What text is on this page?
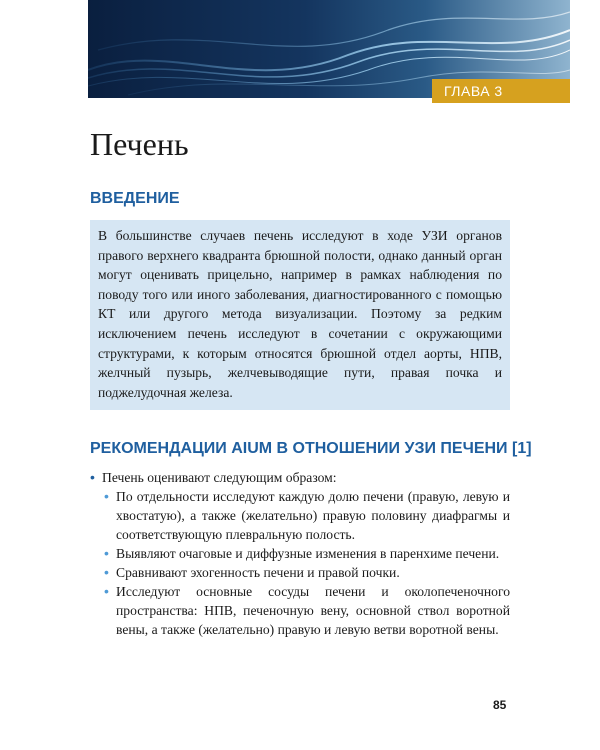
ГЛАВА 3
Печень
ВВЕДЕНИЕ

В большинстве случаев печень исследуют в ходе УЗИ органов правого верхнего квадранта брюшной полости, однако данный орган могут оценивать прицельно, например в рамках наблюдения по поводу того или иного заболевания, диагностированного с помощью КТ или другого метода визуализации. Поэтому за редким исключением печень исследуют в сочетании с окружающими структурами, к которым относятся брюшной отдел аорты, НПВ, желчный пузырь, желчевыводящие пути, правая почка и поджелудочная железа.

РЕКОМЕНДАЦИИ AIUM В ОТНОШЕНИИ УЗИ ПЕЧЕНИ [1]
• Печень оценивают следующим образом:
• По отдельности исследуют каждую долю печени (правую, левую и хвостатую), а также (желательно) правую половину диафрагмы и соответствующую плевральную полость.
• Выявляют очаговые и диффузные изменения в паренхиме печени.
• Сравнивают эхогенность печени и правой почки.
• Исследуют основные сосуды печени и околопеченочного пространства: НПВ, печеночную вену, основной ствол воротной вены, а также (желательно) правую и левую ветви воротной вены.
85
